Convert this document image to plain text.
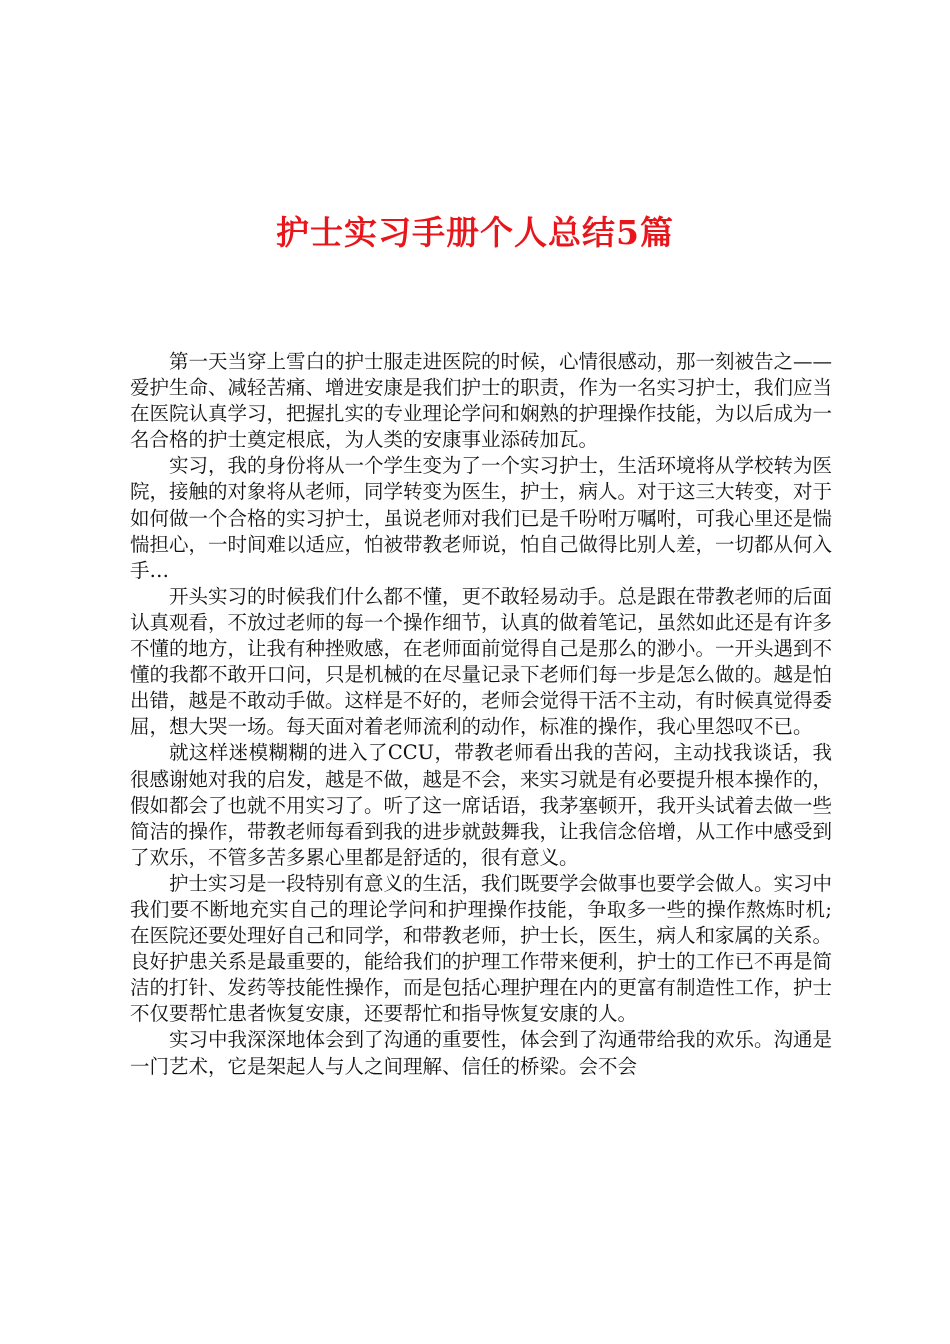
护士实习手册个人总结5篇

第一天当穿上雪白的护士服走进医院的时候，心情很感动，那一刻被告之——爱护生命、减轻苦痛、增进安康是我们护士的职责，作为一名实习护士，我们应当在医院认真学习，把握扎实的专业理论学问和娴熟的护理操作技能，为以后成为一名合格的护士奠定根底，为人类的安康事业添砖加瓦。

实习，我的身份将从一个学生变为了一个实习护士，生活环境将从学校转为医院，接触的对象将从老师，同学转变为医生，护士，病人。对于这三大转变，对于如何做一个合格的实习护士，虽说老师对我们已是千吩咐万嘱咐，可我心里还是惴惴担心，一时间难以适应，怕被带教老师说，怕自己做得比别人差，一切都从何入手…

开头实习的时候我们什么都不懂，更不敢轻易动手。总是跟在带教老师的后面认真观看，不放过老师的每一个操作细节，认真的做着笔记，虽然如此还是有许多不懂的地方，让我有种挫败感，在老师面前觉得自己是那么的渺小。一开头遇到不懂的我都不敢开口问，只是机械的在尽量记录下老师们每一步是怎么做的。越是怕出错，越是不敢动手做。这样是不好的，老师会觉得干活不主动，有时候真觉得委屈，想大哭一场。每天面对着老师流利的动作，标准的操作，我心里怨叹不已。

就这样迷模糊糊的进入了CCU，带教老师看出我的苦闷，主动找我谈话，我很感谢她对我的启发，越是不做，越是不会，来实习就是有必要提升根本操作的，假如都会了也就不用实习了。听了这一席话语，我茅塞顿开，我开头试着去做一些简洁的操作，带教老师每看到我的进步就鼓舞我，让我信念倍增，从工作中感受到了欢乐，不管多苦多累心里都是舒适的，很有意义。

护士实习是一段特别有意义的生活，我们既要学会做事也要学会做人。实习中我们要不断地充实自己的理论学问和护理操作技能，争取多一些的操作熬炼时机;在医院还要处理好自己和同学，和带教老师，护士长，医生，病人和家属的关系。良好护患关系是最重要的，能给我们的护理工作带来便利，护士的工作已不再是简洁的打针、发药等技能性操作，而是包括心理护理在内的更富有制造性工作，护士不仅要帮忙患者恢复安康，还要帮忙和指导恢复安康的人。

实习中我深深地体会到了沟通的重要性，体会到了沟通带给我的欢乐。沟通是一门艺术，它是架起人与人之间理解、信任的桥梁。会不会
